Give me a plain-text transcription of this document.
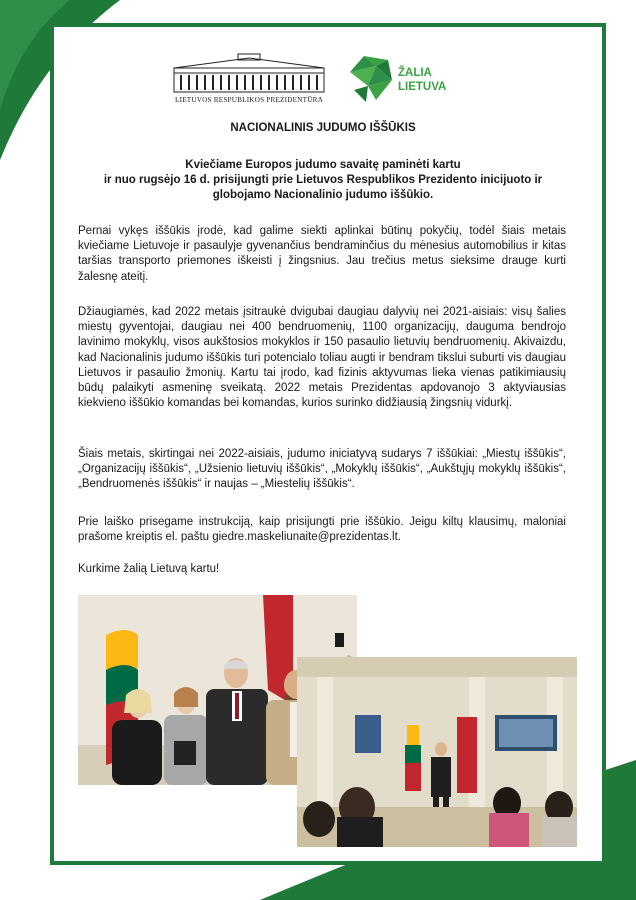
LIETUVOS RESPUBLIKOS PREZIDENTŪRA
ŽALIA
LIETUVA
NACIONALINIS JUDUMO IŠŠŪKIS
Kviečiame Europos judumo savaitę paminėti kartu
ir nuo rugsėjo 16 d. prisijungti prie Lietuvos Respublikos Prezidento inicijuoto ir
globojamo Nacionalinio judumo iššūkio.

Pernai vykęs iššūkis įrodė, kad galime siekti aplinkai būtinų pokyčių, todėl šiais metais kviečiame Lietuvoje ir pasaulyje gyvenančius bendraminčius du mėnesius automobilius ir kitas taršias transporto priemones iškeisti į žingsnius. Jau trečius metus sieksime drauge kurti žalesnę ateitį.

Džiaugiamės, kad 2022 metais įsitraukė dvigubai daugiau dalyvių nei 2021-aisiais: visų šalies miestų gyventojai, daugiau nei 400 bendruomenių, 1100 organizacijų, dauguma bendrojo lavinimo mokyklų, visos aukštosios mokyklos ir 150 pasaulio lietuvių bendruomenių. Akivaizdu, kad Nacionalinis judumo iššūkis turi potencialo toliau augti ir bendram tikslui suburti vis daugiau Lietuvos ir pasaulio žmonių. Kartu tai įrodo, kad fizinis aktyvumas lieka vienas patikimiausių būdų palaikyti asmeninę sveikatą. 2022 metais Prezidentas apdovanojo 3 aktyviausias kiekvieno iššūkio komandas bei komandas, kurios surinko didžiausią žingsnių vidurkį.

Šiais metais, skirtingai nei 2022-aisiais, judumo iniciatyvą sudarys 7 iššūkiai: „Miestų iššūkis“, „Organizacijų iššūkis“, „Užsienio lietuvių iššūkis“, „Mokyklų iššūkis“, „Aukštųjų mokyklų iššūkis“, „Bendruomenės iššūkis“ ir naujas – „Miestelių iššūkis“.

Prie laiško prisegame instrukciją, kaip prisijungti prie iššūkio. Jeigu kiltų klausimų, maloniai prašome kreiptis el. paštu giedre.maskeliunaite@prezidentas.lt.

Kurkime žalią Lietuvą kartu!
